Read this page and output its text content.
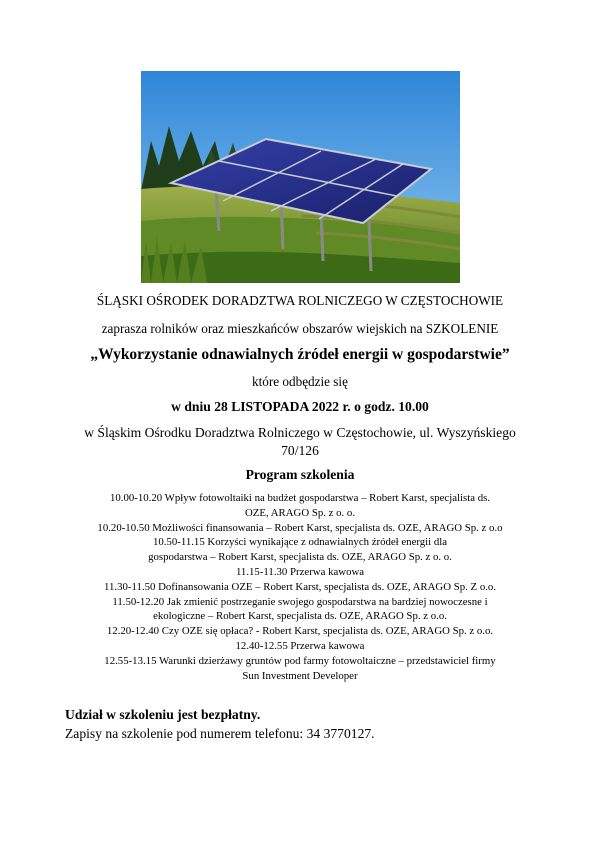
ŚLĄSKI OŚRODEK DORADZTWA ROLNICZEGO W CZĘSTOCHOWIE
zaprasza rolników oraz mieszkańców obszarów wiejskich na SZKOLENIE
„Wykorzystanie odnawialnych źródeł energii w gospodarstwie”
które odbędzie się
w dniu 28 LISTOPADA 2022 r. o godz. 10.00
w Śląskim Ośrodku Doradztwa Rolniczego w Częstochowie, ul. Wyszyńskiego
70/126
Program szkolenia
10.00-10.20 Wpływ fotowoltaiki na budżet gospodarstwa – Robert Karst, specjalista ds.
OZE, ARAGO Sp. z o. o.
10.20-10.50 Możliwości finansowania – Robert Karst, specjalista ds. OZE, ARAGO Sp. z o.o
10.50-11.15 Korzyści wynikające z odnawialnych źródeł energii dla
gospodarstwa – Robert Karst, specjalista ds. OZE, ARAGO Sp. z o. o.
11.15-11.30 Przerwa kawowa
11.30-11.50 Dofinansowania OZE – Robert Karst, specjalista ds. OZE, ARAGO Sp. Z o.o.
11.50-12.20 Jak zmienić postrzeganie swojego gospodarstwa na bardziej nowoczesne i
ekologiczne – Robert Karst, specjalista ds. OZE, ARAGO Sp. z o.o.
12.20-12.40 Czy OZE się opłaca? - Robert Karst, specjalista ds. OZE, ARAGO Sp. z o.o.
12.40-12.55 Przerwa kawowa
12.55-13.15 Warunki dzierżawy gruntów pod farmy fotowoltaiczne – przedstawiciel firmy
Sun Investment Developer
Udział w szkoleniu jest bezpłatny.
Zapisy na szkolenie pod numerem telefonu: 34 3770127.
